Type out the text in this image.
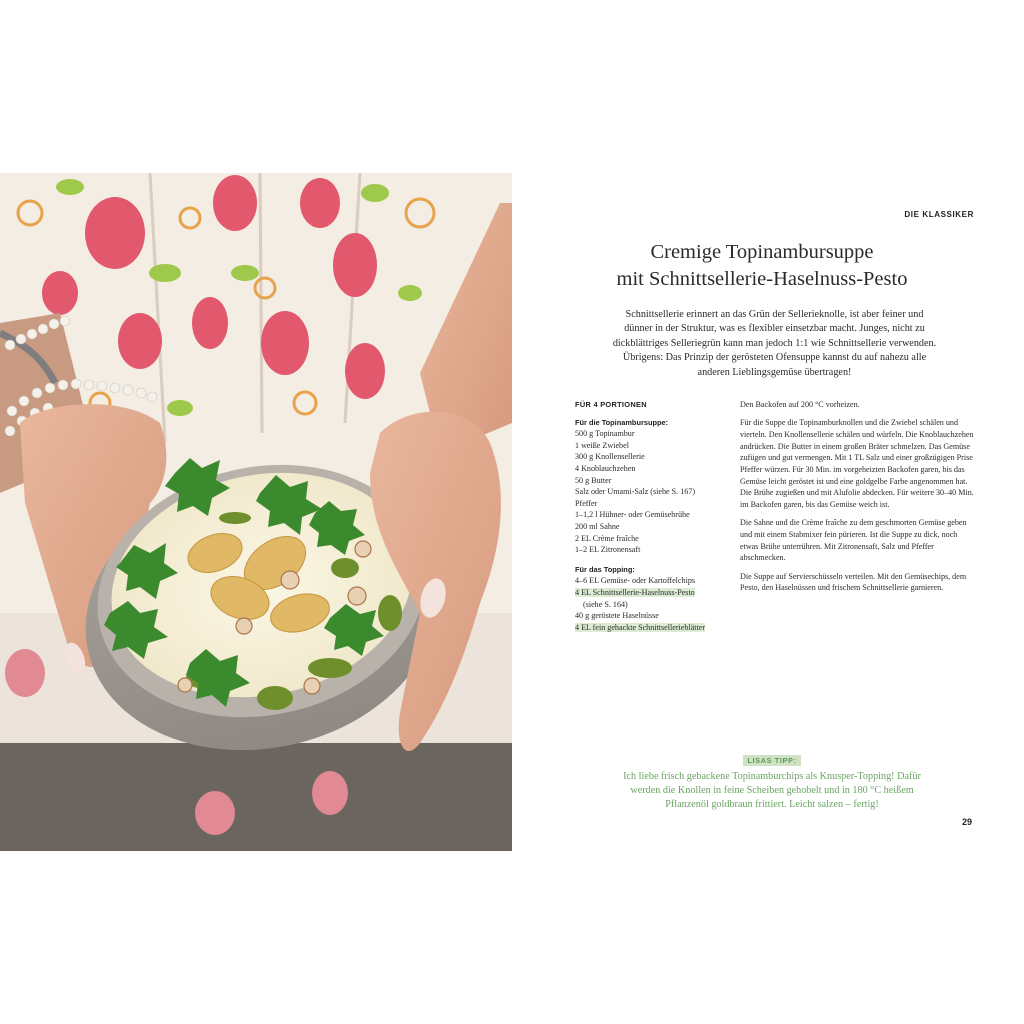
DIE KLASSIKER
Cremige Topinambursuppe
mit Schnittsellerie-Haselnuss-Pesto

Schnittsellerie erinnert an das Grün der Sellerieknolle, ist aber feiner und dünner in der Struktur, was es flexibler einsetzbar macht. Junges, nicht zu dickblättriges Selleriegrün kann man jedoch 1:1 wie Schnittsellerie verwenden. Übrigens: Das Prinzip der gerösteten Ofensuppe kannst du auf nahezu alle anderen Lieblingsgemüse übertragen!

FÜR 4 PORTIONEN
Für die Topinambursuppe:
500 g Topinambur
1 weiße Zwiebel
300 g Knollensellerie
4 Knoblauchzehen
50 g Butter
Salz oder Umami-Salz (siehe S. 167)
Pfeffer
1–1,2 l Hühner- oder Gemüsebrühe
200 ml Sahne
2 EL Crème fraîche
1–2 EL Zitronensaft
Für das Topping:
4–6 EL Gemüse- oder Kartoffelchips
4 EL Schnittsellerie-Haselnuss-Pesto
(siehe S. 164)
40 g geröstete Haselnüsse
4 EL fein gehackte Schnittsellerieblätter

Den Backofen auf 200 °C vorheizen.

Für die Suppe die Topinamburknollen und die Zwiebel schälen und vierteln. Den Knollensellerie schälen und würfeln. Die Knoblauchzehen andrücken. Die Butter in einem großen Bräter schmelzen. Das Gemüse zufügen und gut vermengen. Mit 1 TL Salz und einer großzügigen Prise Pfeffer würzen. Für 30 Min. im vorgeheizten Backofen garen, bis das Gemüse leicht geröstet ist und eine goldgelbe Farbe angenommen hat. Die Brühe zugießen und mit Alufolie abdecken. Für weitere 30–40 Min. im Backofen garen, bis das Gemüse weich ist.

Die Sahne und die Crème fraîche zu dem geschmorten Gemüse geben und mit einem Stabmixer fein pürieren. Ist die Suppe zu dick, noch etwas Brühe unterrühren. Mit Zitronensaft, Salz und Pfeffer abschmecken.

Die Suppe auf Servierschüsseln verteilen. Mit den Gemüsechips, dem Pesto, den Haselnüssen und frischem Schnittsellerie garnieren.

LISAS TIPP:
Ich liebe frisch gebackene Topinamburchips als Knusper-Topping! Dafür werden die Knollen in feine Scheiben gehobelt und in 180 °C heißem Pflanzenöl goldbraun frittiert. Leicht salzen – fertig!
29
